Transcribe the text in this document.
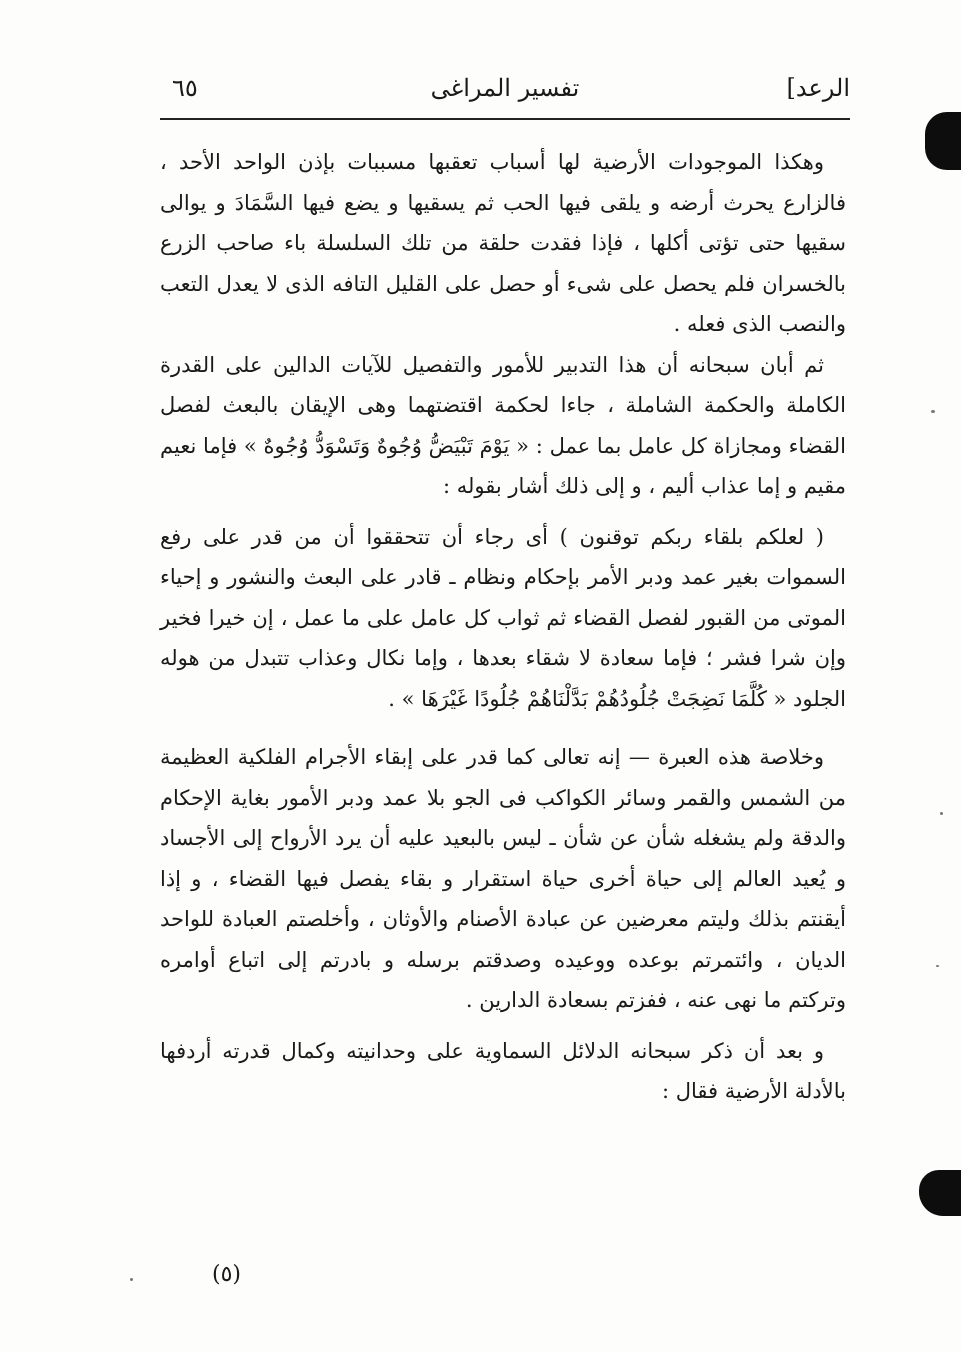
الرعد]
تفسير المراغى
٦٥

وهكذا الموجودات الأرضية لها أسباب تعقبها مسببات بإذن الواحد الأحد ، فالزارع يحرث أرضه و يلقى فيها الحب ثم يسقيها و يضع فيها السَّمَادَ و يوالى سقيها حتى تؤتى أكلها ، فإذا فقدت حلقة من تلك السلسلة باء صاحب الزرع بالخسران فلم يحصل على شىء أو حصل على القليل التافه الذى لا يعدل التعب والنصب الذى فعله .

ثم أبان سبحانه أن هذا التدبير للأمور والتفصيل للآيات الدالين على القدرة الكاملة والحكمة الشاملة ، جاءا لحكمة اقتضتهما وهى الإيقان بالبعث لفصل القضاء ومجازاة كل عامل بما عمل : « يَوْمَ تَبْيَضُّ وُجُوهٌ وَتَسْوَدُّ وُجُوهٌ » فإما نعيم مقيم و إما عذاب أليم ، و إلى ذلك أشار بقوله :

( لعلكم بلقاء ربكم توقنون ) أى رجاء أن تتحققوا أن من قدر على رفع السموات بغير عمد ودبر الأمر بإحكام ونظام ـ قادر على البعث والنشور و إحياء الموتى من القبور لفصل القضاء ثم ثواب كل عامل على ما عمل ، إن خيرا فخير وإن شرا فشر ؛ فإما سعادة لا شقاء بعدها ، وإما نكال وعذاب تتبدل من هوله الجلود « كُلَّمَا نَضِجَتْ جُلُودُهُمْ بَدَّلْنَاهُمْ جُلُودًا غَيْرَهَا » .

وخلاصة هذه العبرة — إنه تعالى كما قدر على إبقاء الأجرام الفلكية العظيمة من الشمس والقمر وسائر الكواكب فى الجو بلا عمد ودبر الأمور بغاية الإحكام والدقة ولم يشغله شأن عن شأن ـ ليس بالبعيد عليه أن يرد الأرواح إلى الأجساد و يُعيد العالم إلى حياة أخرى حياة استقرار و بقاء يفصل فيها القضاء ، و إذا أيقنتم بذلك وليتم معرضين عن عبادة الأصنام والأوثان ، وأخلصتم العبادة للواحد الديان ، وائتمرتم بوعده ووعيده وصدقتم برسله و بادرتم إلى اتباع أوامره وتركتم ما نهى عنه ، ففزتم بسعادة الدارين .

و بعد أن ذكر سبحانه الدلائل السماوية على وحدانيته وكمال قدرته أردفها بالأدلة الأرضية فقال :

(٥)
